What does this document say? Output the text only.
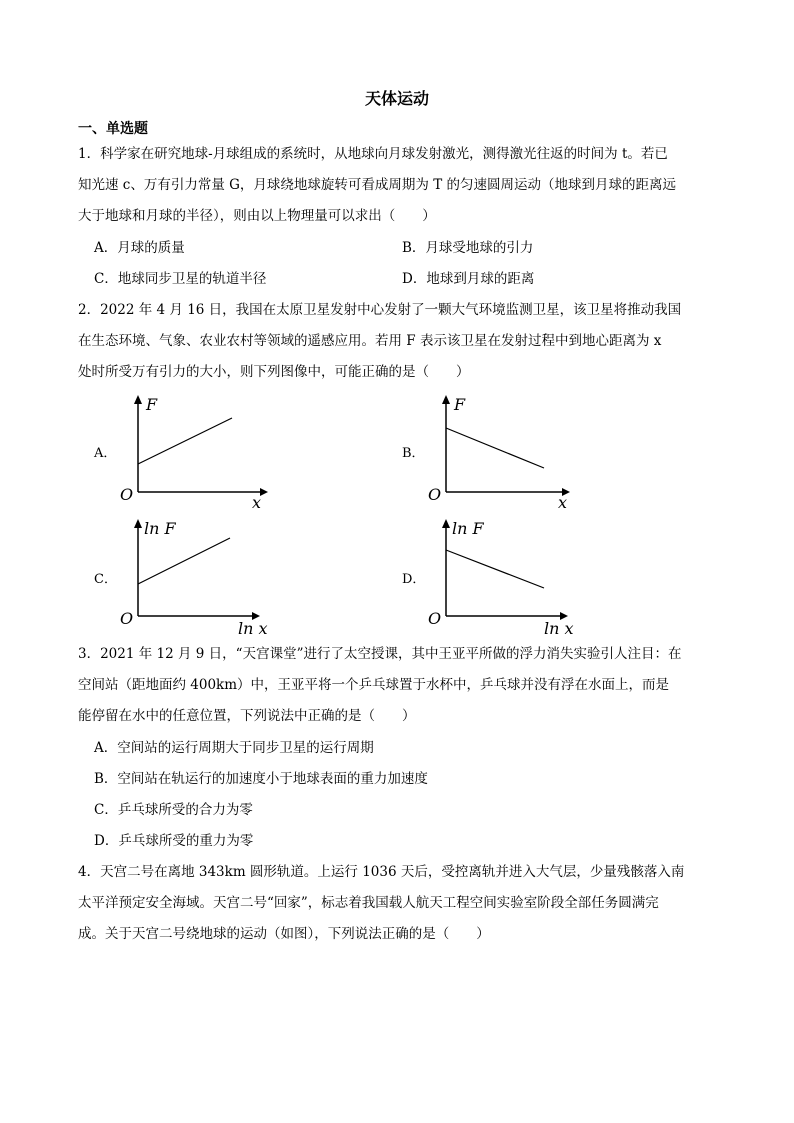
天体运动
一、单选题
1．科学家在研究地球-月球组成的系统时，从地球向月球发射激光，测得激光往返的时间为 t。若已
知光速 c、万有引力常量 G，月球绕地球旋转可看成周期为 T 的匀速圆周运动（地球到月球的距离远
大于地球和月球的半径），则由以上物理量可以求出（　　）
A．月球的质量	B．月球受地球的引力
C．地球同步卫星的轨道半径	D．地球到月球的距离
2．2022 年 4 月 16 日，我国在太原卫星发射中心发射了一颗大气环境监测卫星，该卫星将推动我国
在生态环境、气象、农业农村等领域的遥感应用。若用 F 表示该卫星在发射过程中到地心距离为 x
处时所受万有引力的大小，则下列图像中，可能正确的是（　　）
A．
O
F
x
B．
O
F
x
C．
O
ln F
ln x
D．
O
ln F
ln x
3．2021 年 12 月 9 日，“天宫课堂”进行了太空授课，其中王亚平所做的浮力消失实验引人注目：在
空间站（距地面约 400km）中，王亚平将一个乒乓球置于水杯中，乒乓球并没有浮在水面上，而是
能停留在水中的任意位置，下列说法中正确的是（　　）
A．空间站的运行周期大于同步卫星的运行周期
B．空间站在轨运行的加速度小于地球表面的重力加速度
C．乒乓球所受的合力为零
D．乒乓球所受的重力为零
4．天宫二号在离地 343km 圆形轨道。上运行 1036 天后，受控离轨并进入大气层，少量残骸落入南
太平洋预定安全海域。天宫二号“回家”，标志着我国载人航天工程空间实验室阶段全部任务圆满完
成。关于天宫二号绕地球的运动（如图），下列说法正确的是（　　）
